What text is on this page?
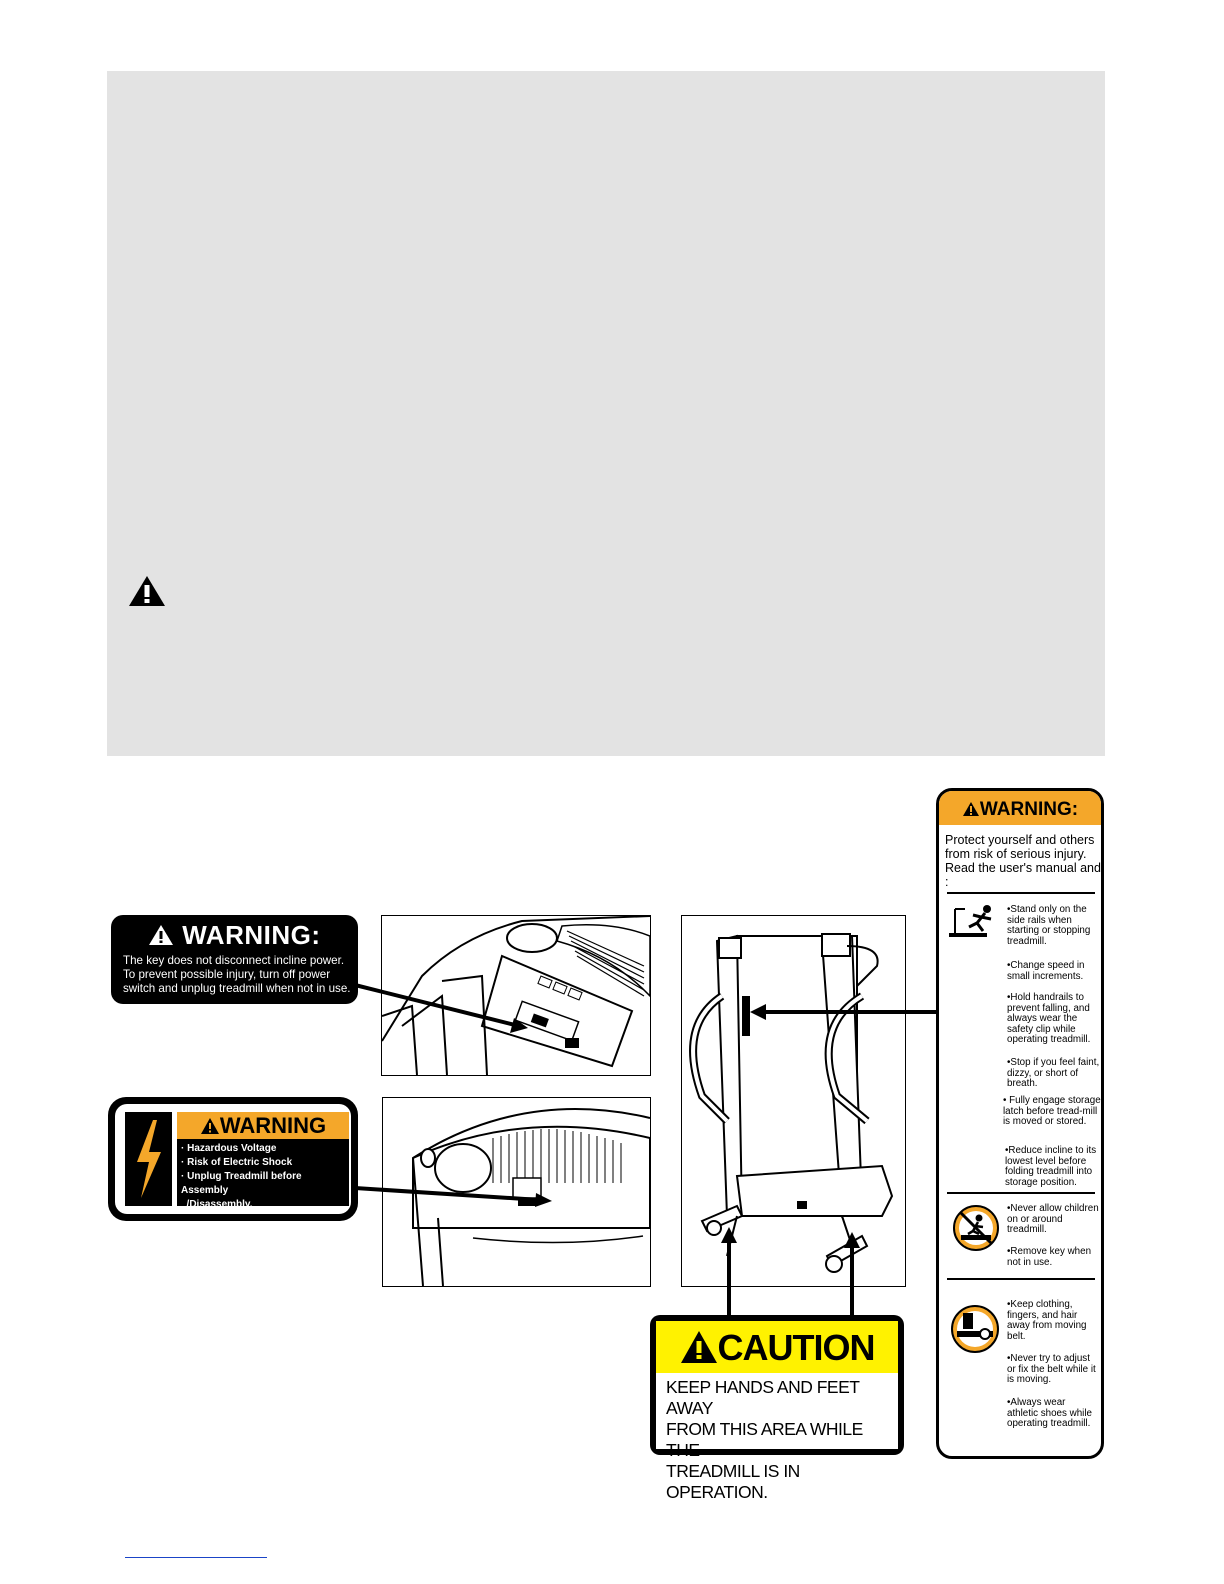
WARNING:
The key does not disconnect incline power.
To prevent possible injury, turn off power
switch and unplug treadmill when not in use.
WARNING
· Hazardous Voltage
· Risk of Electric Shock
· Unplug Treadmill before Assembly
/Disassembly.
CAUTION
KEEP HANDS AND FEET AWAY
FROM THIS AREA WHILE THE
TREADMILL IS IN OPERATION.
WARNING:
Protect yourself and others from risk of serious injury. Read the user's manual and :
•Stand only on the side rails when starting or stopping treadmill.
•Change speed in small increments.
•Hold handrails to prevent falling, and always wear the safety clip while operating treadmill.
•Stop if you feel faint, dizzy, or short of breath.
• Fully engage storage latch before tread-mill is moved or stored.
•Reduce incline to its lowest level before folding treadmill into storage position.
•Never allow children on or around treadmill.
•Remove key when not in use.
•Keep clothing, fingers, and hair away from moving belt.
•Never try to adjust or fix the belt while it is moving.
•Always wear athletic shoes while operating treadmill.
